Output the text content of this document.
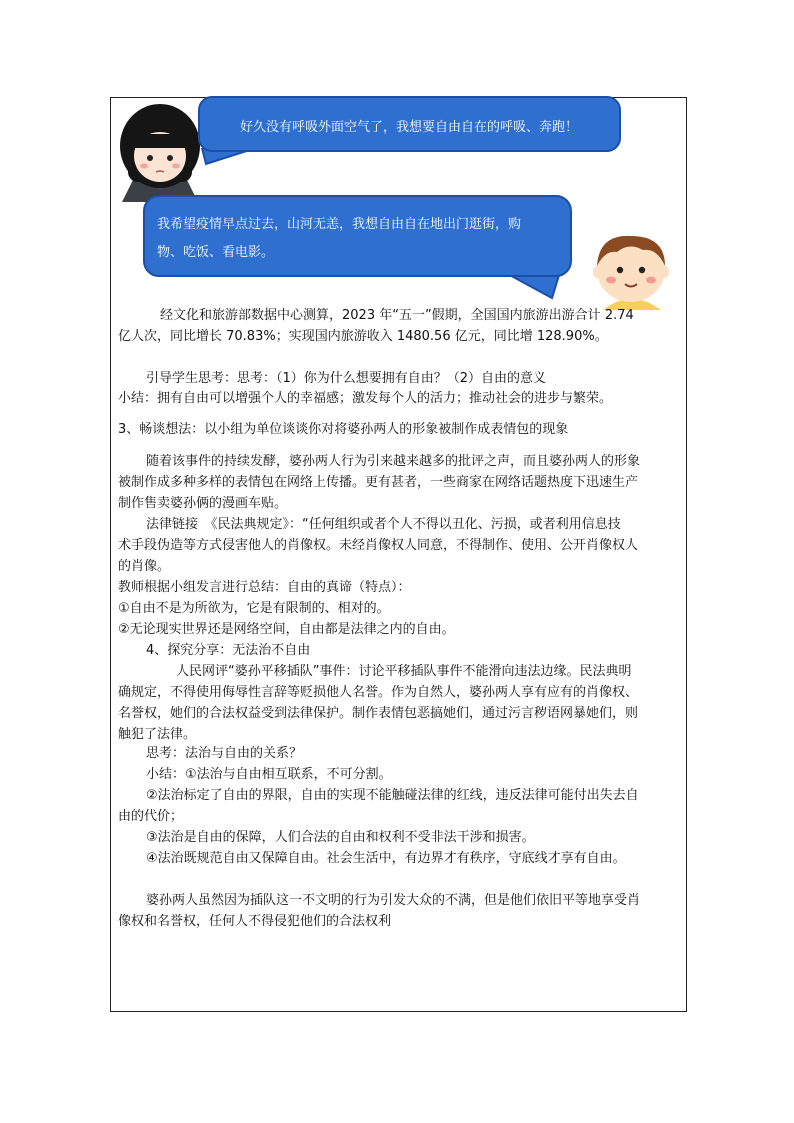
好久没有呼吸外面空气了，我想要自由自在的呼吸、奔跑！
我希望疫情早点过去，山河无恙，我想自由自在地出门逛街，购
物、吃饭、看电影。
经文化和旅游部数据中心测算，2023 年“五一”假期，全国国内旅游出游合计 2.74
亿人次，同比增长 70.83%；实现国内旅游收入 1480.56 亿元，同比增 128.90%。
引导学生思考：思考：（1）你为什么想要拥有自由？（2）自由的意义
小结：拥有自由可以增强个人的幸福感；激发每个人的活力；推动社会的进步与繁荣。
3、畅谈想法：以小组为单位谈谈你对将婆孙两人的形象被制作成表情包的现象
随着该事件的持续发酵，婆孙两人行为引来越来越多的批评之声，而且婆孙两人的形象
被制作成多种多样的表情包在网络上传播。更有甚者，一些商家在网络话题热度下迅速生产
制作售卖婆孙俩的漫画车贴。
法律链接　《民法典规定》：“任何组织或者个人不得以丑化、污损，或者利用信息技
术手段伪造等方式侵害他人的肖像权。未经肖像权人同意，不得制作、使用、公开肖像权人
的肖像。
教师根据小组发言进行总结：自由的真谛（特点）：
①自由不是为所欲为，它是有限制的、相对的。
②无论现实世界还是网络空间，自由都是法律之内的自由。
4、探究分享：无法治不自由
人民网评“婆孙平移插队”事件：讨论平移插队事件不能滑向违法边缘。民法典明
确规定，不得使用侮辱性言辞等贬损他人名誉。作为自然人，婆孙两人享有应有的肖像权、
名誉权，她们的合法权益受到法律保护。制作表情包恶搞她们，通过污言秽语网暴她们，则
触犯了法律。
思考：法治与自由的关系？
小结：①法治与自由相互联系，不可分割。
②法治标定了自由的界限，自由的实现不能触碰法律的红线，违反法律可能付出失去自
由的代价；
③法治是自由的保障，人们合法的自由和权利不受非法干涉和损害。
④法治既规范自由又保障自由。社会生活中，有边界才有秩序，守底线才享有自由。
婆孙两人虽然因为插队这一不文明的行为引发大众的不满，但是他们依旧平等地享受肖
像权和名誉权，任何人不得侵犯他们的合法权利
